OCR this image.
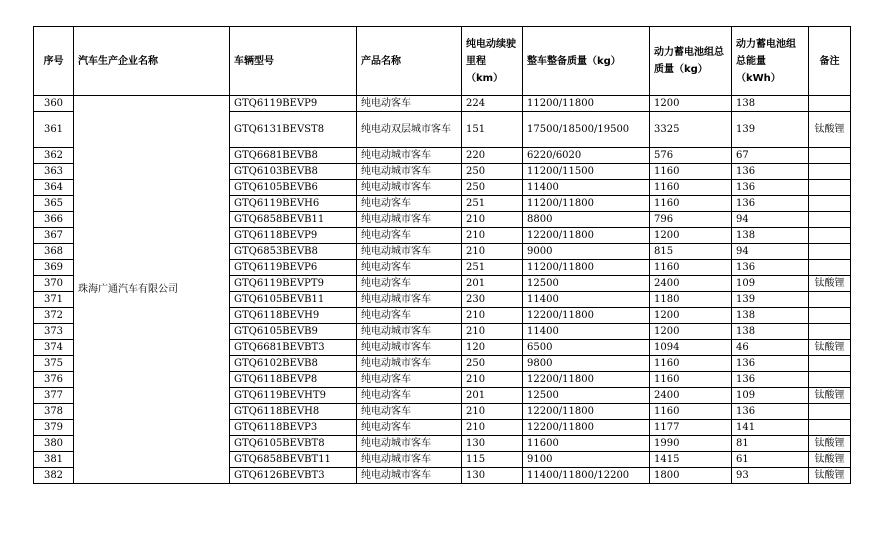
序号	汽车生产企业名称	车辆型号	产品名称	纯电动续驶里程（km）	整车整备质量（kg）	动力蓄电池组总质量（kg）	动力蓄电池组总能量（kWh）	备注
360	珠海广通汽车有限公司	GTQ6119BEVP9	纯电动客车	224	11200/11800	1200	138	
361		GTQ6131BEVST8	纯电动双层城市客车	151	17500/18500/19500	3325	139	钛酸锂
362		GTQ6681BEVB8	纯电动城市客车	220	6220/6020	576	67	
363		GTQ6103BEVB8	纯电动城市客车	250	11200/11500	1160	136	
364		GTQ6105BEVB6	纯电动城市客车	250	11400	1160	136	
365		GTQ6119BEVH6	纯电动客车	251	11200/11800	1160	136	
366		GTQ6858BEVB11	纯电动城市客车	210	8800	796	94	
367		GTQ6118BEVP9	纯电动客车	210	12200/11800	1200	138	
368		GTQ6853BEVB8	纯电动城市客车	210	9000	815	94	
369		GTQ6119BEVP6	纯电动客车	251	11200/11800	1160	136	
370		GTQ6119BEVPT9	纯电动客车	201	12500	2400	109	钛酸锂
371		GTQ6105BEVB11	纯电动城市客车	230	11400	1180	139	
372		GTQ6118BEVH9	纯电动客车	210	12200/11800	1200	138	
373		GTQ6105BEVB9	纯电动城市客车	210	11400	1200	138	
374		GTQ6681BEVBT3	纯电动城市客车	120	6500	1094	46	钛酸锂
375		GTQ6102BEVB8	纯电动城市客车	250	9800	1160	136	
376		GTQ6118BEVP8	纯电动客车	210	12200/11800	1160	136	
377		GTQ6119BEVHT9	纯电动客车	201	12500	2400	109	钛酸锂
378		GTQ6118BEVH8	纯电动客车	210	12200/11800	1160	136	
379		GTQ6118BEVP3	纯电动客车	210	12200/11800	1177	141	
380		GTQ6105BEVBT8	纯电动城市客车	130	11600	1990	81	钛酸锂
381		GTQ6858BEVBT11	纯电动城市客车	115	9100	1415	61	钛酸锂
382		GTQ6126BEVBT3	纯电动城市客车	130	11400/11800/12200	1800	93	钛酸锂
